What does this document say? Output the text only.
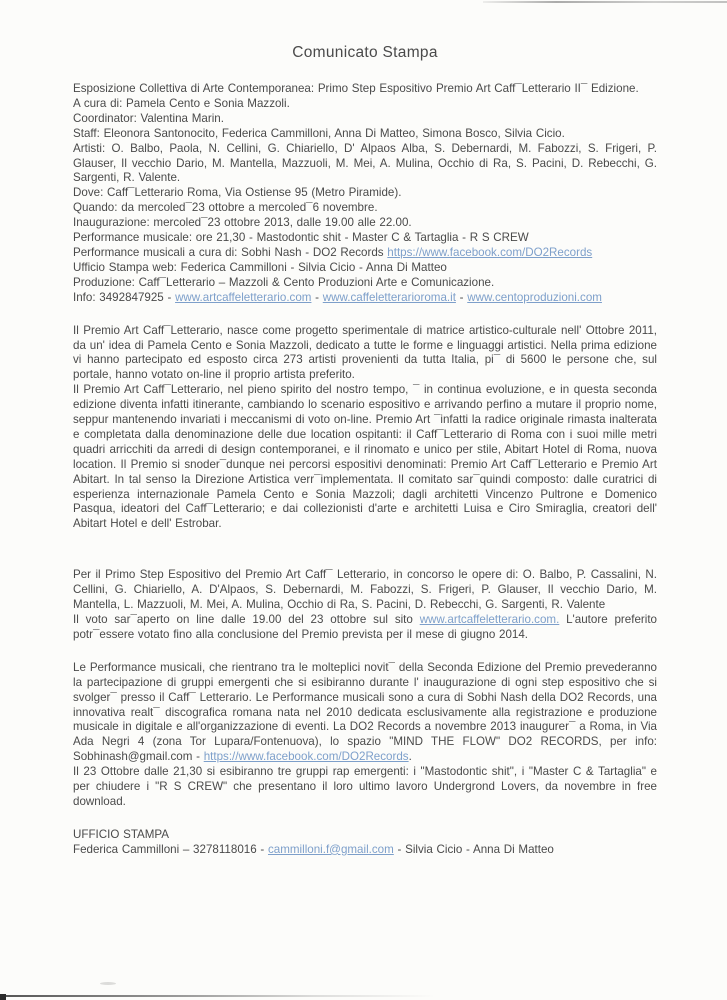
Comunicato Stampa

Esposizione Collettiva di Arte Contemporanea: Primo Step Espositivo Premio Art Caff¯Letterario II¯ Edizione.

A cura di: Pamela Cento e Sonia Mazzoli.

Coordinator: Valentina Marin.

Staff: Eleonora Santonocito, Federica Cammilloni, Anna Di Matteo, Simona Bosco, Silvia Cicio.

Artisti: O. Balbo, Paola, N. Cellini, G. Chiariello, D' Alpaos Alba, S. Debernardi, M. Fabozzi, S. Frigeri, P. Glauser, Il vecchio Dario, M. Mantella, Mazzuoli, M. Mei, A. Mulina, Occhio di Ra, S. Pacini, D. Rebecchi, G. Sargenti, R. Valente.

Dove: Caff¯Letterario Roma, Via Ostiense 95 (Metro Piramide).

Quando: da mercoled¯23 ottobre a mercoled¯6 novembre.

Inaugurazione: mercoled¯23 ottobre 2013, dalle 19.00 alle 22.00.

Performance musicale: ore 21,30 - Mastodontic shit - Master C & Tartaglia - R S CREW

Performance musicali a cura di: Sobhi Nash - DO2 Records https://www.facebook.com/DO2Records

Ufficio Stampa web: Federica Cammilloni - Silvia Cicio - Anna Di Matteo

Produzione: Caff¯Letterario – Mazzoli & Cento Produzioni Arte e Comunicazione.

Info: 3492847925 - www.artcaffeletterario.com - www.caffeletterarioroma.it - www.centoproduzioni.com

Il Premio Art Caff¯Letterario, nasce come progetto sperimentale di matrice artistico-culturale nell' Ottobre 2011, da un' idea di Pamela Cento e Sonia Mazzoli, dedicato a tutte le forme e linguaggi artistici. Nella prima edizione vi hanno partecipato ed esposto circa 273 artisti provenienti da tutta Italia, pi¯ di 5600 le persone che, sul portale, hanno votato on-line il proprio artista preferito.

Il Premio Art Caff¯Letterario, nel pieno spirito del nostro tempo, ¯ in continua evoluzione, e in questa seconda edizione diventa infatti itinerante, cambiando lo scenario espositivo e arrivando perfino a mutare il proprio nome, seppur mantenendo invariati i meccanismi di voto on-line. Premio Art ¯infatti la radice originale rimasta inalterata e completata dalla denominazione delle due location ospitanti: il Caff¯Letterario di Roma con i suoi mille metri quadri arricchiti da arredi di design contemporanei, e il rinomato e unico per stile, Abitart Hotel di Roma, nuova location. Il Premio si snoder¯dunque nei percorsi espositivi denominati: Premio Art Caff¯Letterario e Premio Art Abitart. In tal senso la Direzione Artistica verr¯implementata. Il comitato sar¯quindi composto: dalle curatrici di esperienza internazionale Pamela Cento e Sonia Mazzoli; dagli architetti Vincenzo Pultrone e Domenico Pasqua, ideatori del Caff¯Letterario; e dai collezionisti d'arte e architetti Luisa e Ciro Smiraglia, creatori dell' Abitart Hotel e dell' Estrobar.

Per il Primo Step Espositivo del Premio Art Caff¯ Letterario, in concorso le opere di: O. Balbo, P. Cassalini, N. Cellini, G. Chiariello, A. D'Alpaos, S. Debernardi, M. Fabozzi, S. Frigeri, P. Glauser, Il vecchio Dario, M. Mantella, L. Mazzuoli, M. Mei, A. Mulina, Occhio di Ra, S. Pacini, D. Rebecchi, G. Sargenti, R. Valente

Il voto sar¯aperto on line dalle 19.00 del 23 ottobre sul sito www.artcaffeletterario.com. L'autore preferito potr¯essere votato fino alla conclusione del Premio prevista per il mese di giugno 2014.

Le Performance musicali, che rientrano tra le molteplici novit¯ della Seconda Edizione del Premio prevederanno la partecipazione di gruppi emergenti che si esibiranno durante l' inaugurazione di ogni step espositivo che si svolger¯ presso il Caff¯ Letterario. Le Performance musicali sono a cura di Sobhi Nash della DO2 Records, una innovativa realt¯ discografica romana nata nel 2010 dedicata esclusivamente alla registrazione e produzione musicale in digitale e all'organizzazione di eventi. La DO2 Records a novembre 2013 inaugurer¯ a Roma, in Via Ada Negri 4 (zona Tor Lupara/Fontenuova), lo spazio "MIND THE FLOW" DO2 RECORDS, per info: Sobhinash@gmail.com - https://www.facebook.com/DO2Records.

Il 23 Ottobre dalle 21,30 si esibiranno tre gruppi rap emergenti: i "Mastodontic shit", i "Master C & Tartaglia" e per chiudere i "R S CREW" che presentano il loro ultimo lavoro Undergrond Lovers, da novembre in free download.

UFFICIO STAMPA

Federica Cammilloni – 3278118016 - cammilloni.f@gmail.com - Silvia Cicio - Anna Di Matteo
